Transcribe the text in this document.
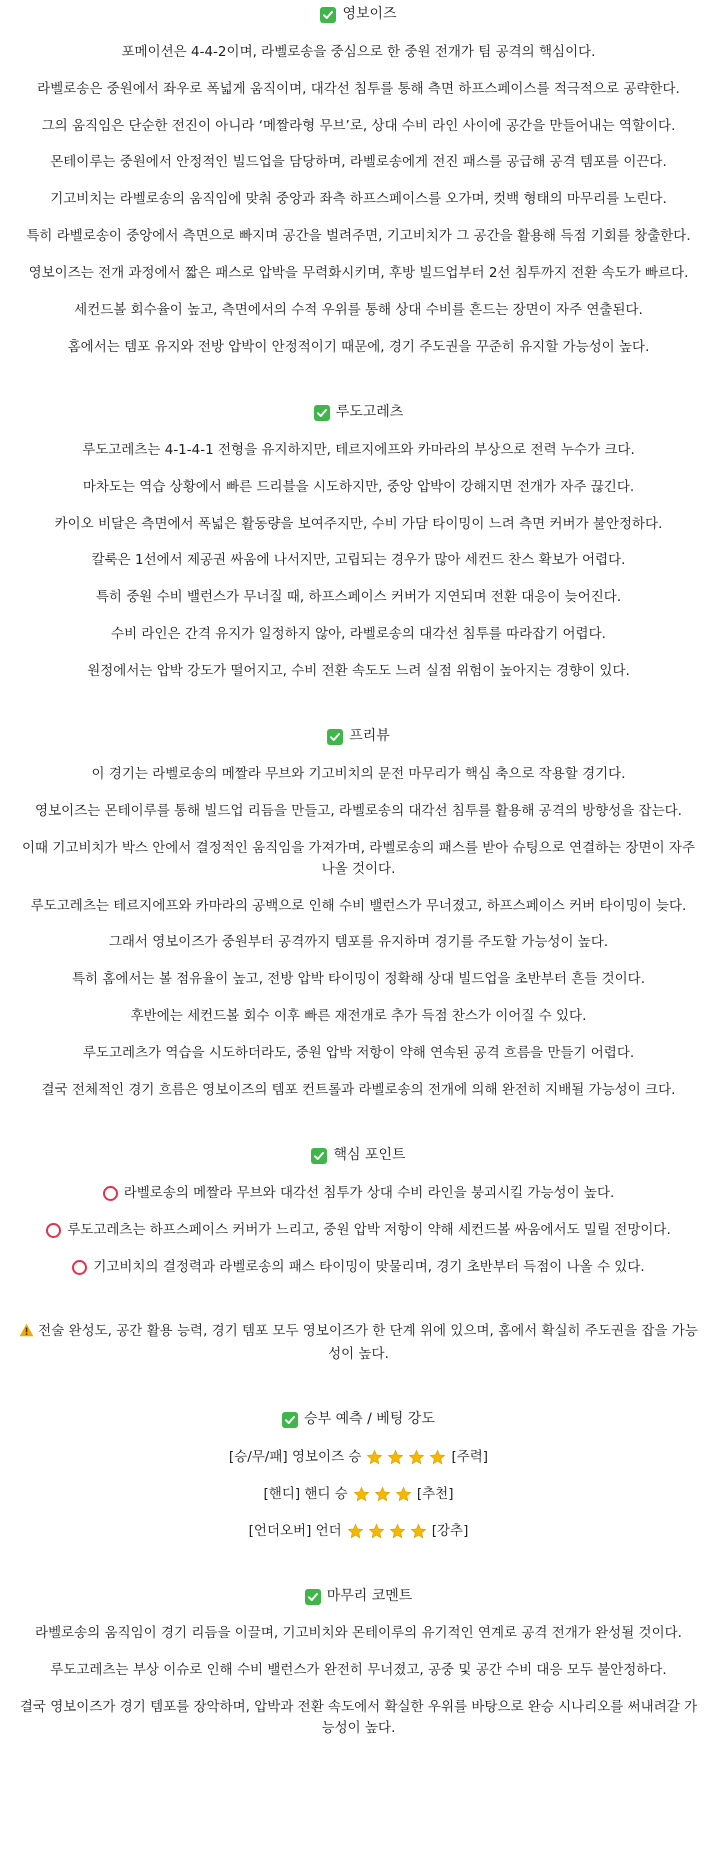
영보이즈

포메이션은 4-4-2이며, 라벨로송을 중심으로 한 중원 전개가 팀 공격의 핵심이다.

라벨로송은 중원에서 좌우로 폭넓게 움직이며, 대각선 침투를 통해 측면 하프스페이스를 적극적으로 공략한다.

그의 움직임은 단순한 전진이 아니라 ‘메짤라형 무브’로, 상대 수비 라인 사이에 공간을 만들어내는 역할이다.

몬테이루는 중원에서 안정적인 빌드업을 담당하며, 라벨로송에게 전진 패스를 공급해 공격 템포를 이끈다.

기고비치는 라벨로송의 움직임에 맞춰 중앙과 좌측 하프스페이스를 오가며, 컷백 형태의 마무리를 노린다.

특히 라벨로송이 중앙에서 측면으로 빠지며 공간을 벌려주면, 기고비치가 그 공간을 활용해 득점 기회를 창출한다.

영보이즈는 전개 과정에서 짧은 패스로 압박을 무력화시키며, 후방 빌드업부터 2선 침투까지 전환 속도가 빠르다.

세컨드볼 회수율이 높고, 측면에서의 수적 우위를 통해 상대 수비를 흔드는 장면이 자주 연출된다.

홈에서는 템포 유지와 전방 압박이 안정적이기 때문에, 경기 주도권을 꾸준히 유지할 가능성이 높다.

루도고레츠

루도고레츠는 4-1-4-1 전형을 유지하지만, 테르지에프와 카마라의 부상으로 전력 누수가 크다.

마차도는 역습 상황에서 빠른 드리블을 시도하지만, 중앙 압박이 강해지면 전개가 자주 끊긴다.

카이오 비달은 측면에서 폭넓은 활동량을 보여주지만, 수비 가담 타이밍이 느려 측면 커버가 불안정하다.

칼룩은 1선에서 제공권 싸움에 나서지만, 고립되는 경우가 많아 세컨드 찬스 확보가 어렵다.

특히 중원 수비 밸런스가 무너질 때, 하프스페이스 커버가 지연되며 전환 대응이 늦어진다.

수비 라인은 간격 유지가 일정하지 않아, 라벨로송의 대각선 침투를 따라잡기 어렵다.

원정에서는 압박 강도가 떨어지고, 수비 전환 속도도 느려 실점 위험이 높아지는 경향이 있다.

프리뷰

이 경기는 라벨로송의 메짤라 무브와 기고비치의 문전 마무리가 핵심 축으로 작용할 경기다.

영보이즈는 몬테이루를 통해 빌드업 리듬을 만들고, 라벨로송의 대각선 침투를 활용해 공격의 방향성을 잡는다.

이때 기고비치가 박스 안에서 결정적인 움직임을 가져가며, 라벨로송의 패스를 받아 슈팅으로 연결하는 장면이 자주 나올 것이다.

루도고레츠는 테르지에프와 카마라의 공백으로 인해 수비 밸런스가 무너졌고, 하프스페이스 커버 타이밍이 늦다.

그래서 영보이즈가 중원부터 공격까지 템포를 유지하며 경기를 주도할 가능성이 높다.

특히 홈에서는 볼 점유율이 높고, 전방 압박 타이밍이 정확해 상대 빌드업을 초반부터 흔들 것이다.

후반에는 세컨드볼 회수 이후 빠른 재전개로 추가 득점 찬스가 이어질 수 있다.

루도고레츠가 역습을 시도하더라도, 중원 압박 저항이 약해 연속된 공격 흐름을 만들기 어렵다.

결국 전체적인 경기 흐름은 영보이즈의 템포 컨트롤과 라벨로송의 전개에 의해 완전히 지배될 가능성이 크다.

핵심 포인트
라벨로송의 메짤라 무브와 대각선 침투가 상대 수비 라인을 붕괴시킬 가능성이 높다.
루도고레츠는 하프스페이스 커버가 느리고, 중원 압박 저항이 약해 세컨드볼 싸움에서도 밀릴 전망이다.
기고비치의 결정력과 라벨로송의 패스 타이밍이 맞물리며, 경기 초반부터 득점이 나올 수 있다.

전술 완성도, 공간 활용 능력, 경기 템포 모두 영보이즈가 한 단계 위에 있으며, 홈에서 확실히 주도권을 잡을 가능성이 높다.

승부 예측 / 베팅 강도
[승/무/패] 영보이즈 승	[주력]
[핸디] 핸디 승	[추천]
[언더오버] 언더	[강추]
마무리 코멘트

라벨로송의 움직임이 경기 리듬을 이끌며, 기고비치와 몬테이루의 유기적인 연계로 공격 전개가 완성될 것이다.

루도고레츠는 부상 이슈로 인해 수비 밸런스가 완전히 무너졌고, 공중 및 공간 수비 대응 모두 불안정하다.

결국 영보이즈가 경기 템포를 장악하며, 압박과 전환 속도에서 확실한 우위를 바탕으로 완승 시나리오를 써내려갈 가능성이 높다.
